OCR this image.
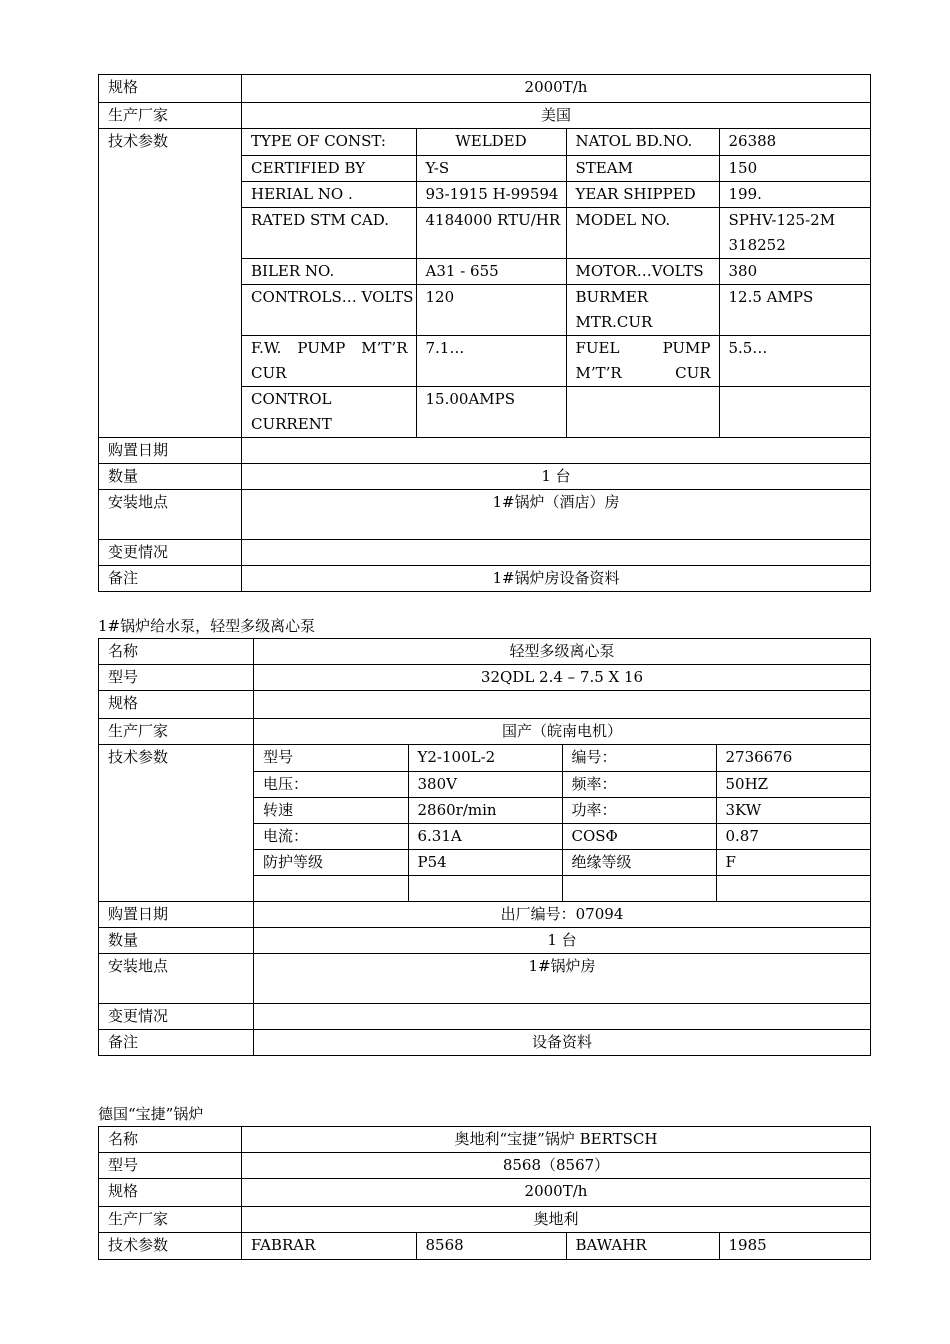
规格	2000T/h
生产厂家	美国
技术参数		TYPE OF CONST:	WELDED	NATOL BD.NO.	26388
CERTIFIED BY	Y-S	STEAM	150
HERIAL NO .	93-1915 H-99594	YEAR SHIPPED	199.
RATED STM CAD.	4184000 RTU/HR	MODEL NO.	SPHV-125-2M 318252
BILER NO.	A31 - 655	MOTOR…VOLTS	380
CONTROLS… VOLTS	120	BURMER MTR.CUR	12.5 AMPS
F.W. PUMP M’T’R CUR	7.1…	FUEL PUMP M’T’R CUR	5.5…
CONTROL CURRENT	15.00AMPS		

购置日期	
数量	1 台
安装地点	1#锅炉（酒店）房
变更情况	
备注	1#锅炉房设备资料
1#锅炉给水泵，轻型多级离心泵
名称	轻型多级离心泵
型号	32QDL 2.4 – 7.5 X 16
规格	
生产厂家	国产（皖南电机）
技术参数		型号	Y2-100L-2	编号：	2736676
电压：	380V	频率：	50HZ
转速	2860r/min	功率：	3KW
电流：	6.31A	COSΦ	0.87
防护等级	P54	绝缘等级	F

购置日期	出厂编号：07094
数量	1 台
安装地点	1#锅炉房
变更情况	
备注	设备资料
德国“宝捷”锅炉
名称	奥地利“宝捷”锅炉 BERTSCH
型号	8568（8567）
规格	2000T/h
生产厂家	奥地利
技术参数		FABRAR	8568	BAWAHR	1985
